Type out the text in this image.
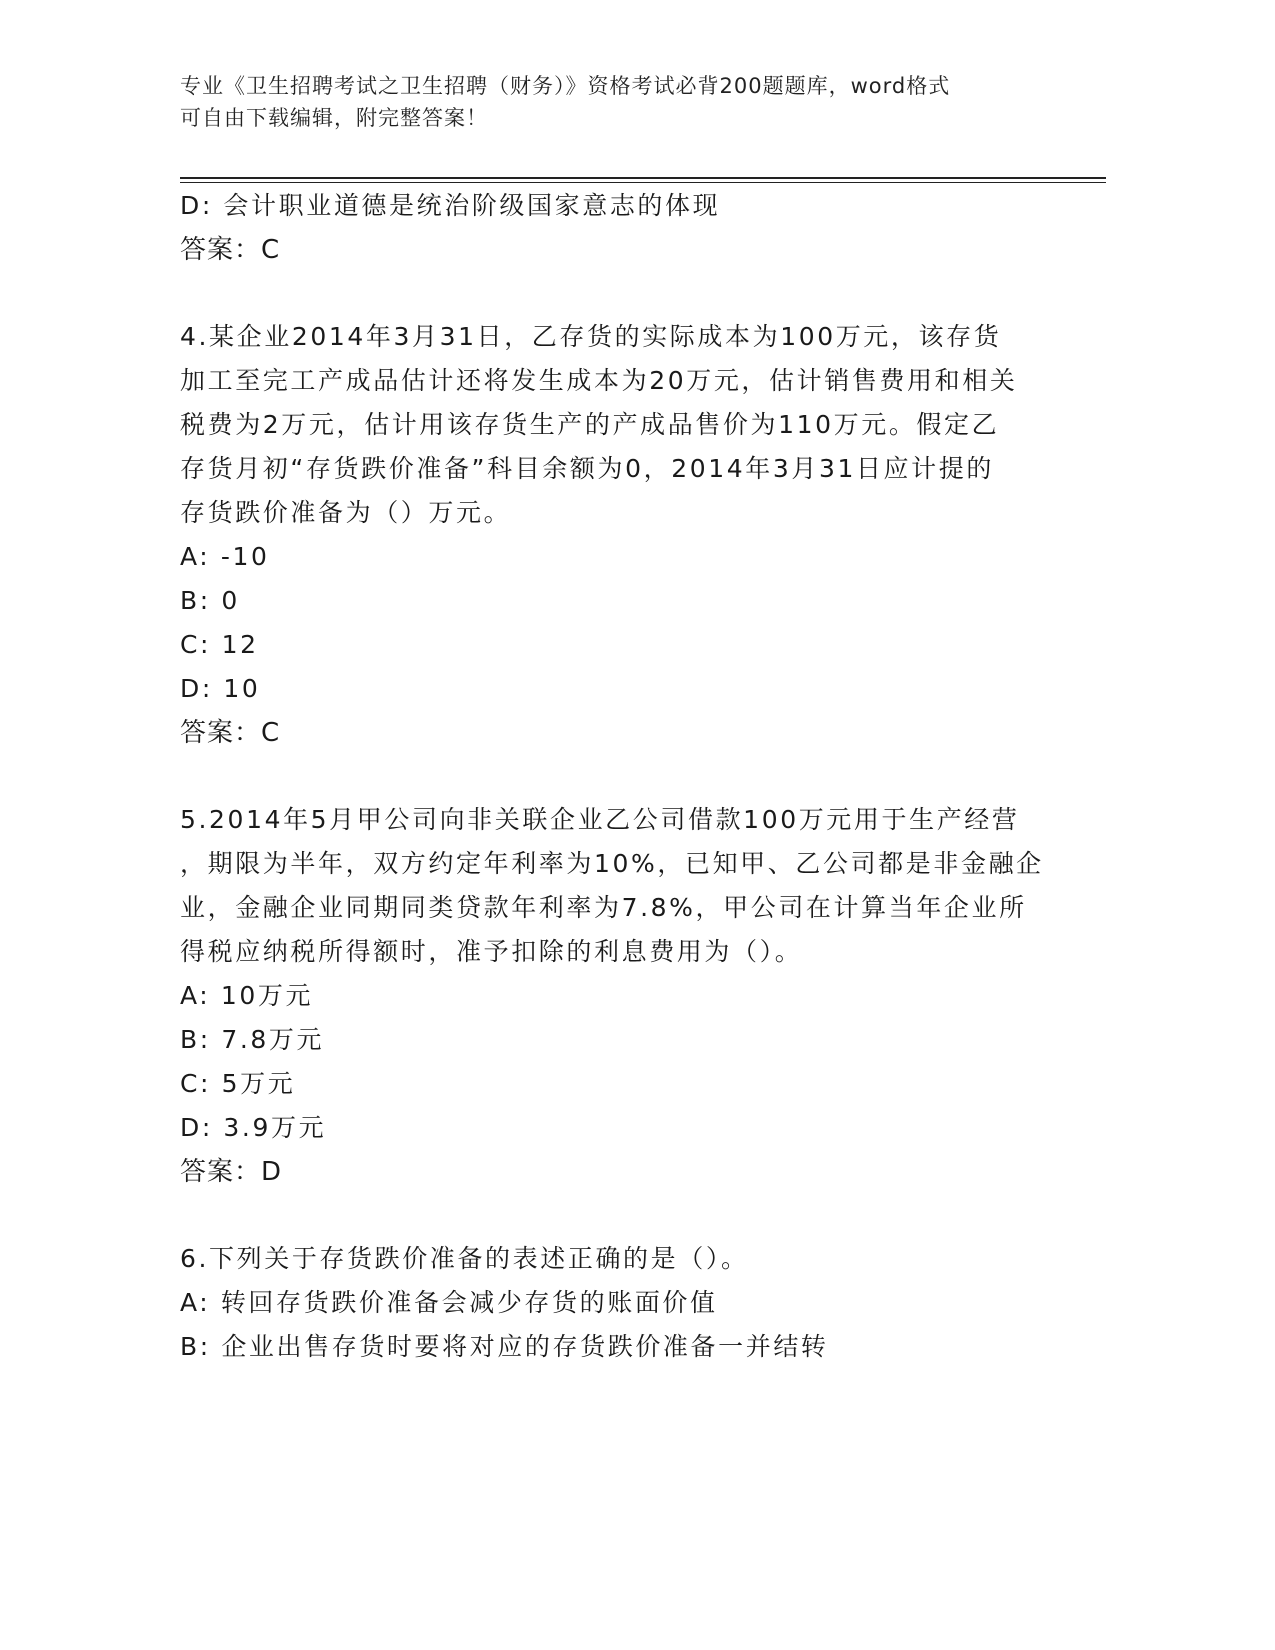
专业《卫生招聘考试之卫生招聘（财务）》资格考试必背200题题库，word格式
可自由下载编辑，附完整答案！
D: 会计职业道德是统治阶级国家意志的体现
答案：C
4.某企业2014年3月31日，乙存货的实际成本为100万元，该存货
加工至完工产成品估计还将发生成本为20万元，估计销售费用和相关
税费为2万元，估计用该存货生产的产成品售价为110万元。假定乙
存货月初“存货跌价准备”科目余额为0，2014年3月31日应计提的
存货跌价准备为（）万元。
A: -10
B: 0
C: 12
D: 10
答案：C
5.2014年5月甲公司向非关联企业乙公司借款100万元用于生产经营
，期限为半年，双方约定年利率为10%，已知甲、乙公司都是非金融企
业，金融企业同期同类贷款年利率为7.8%，甲公司在计算当年企业所
得税应纳税所得额时，准予扣除的利息费用为（）。
A: 10万元
B: 7.8万元
C: 5万元
D: 3.9万元
答案：D
6.下列关于存货跌价准备的表述正确的是（）。
A: 转回存货跌价准备会减少存货的账面价值
B: 企业出售存货时要将对应的存货跌价准备一并结转
